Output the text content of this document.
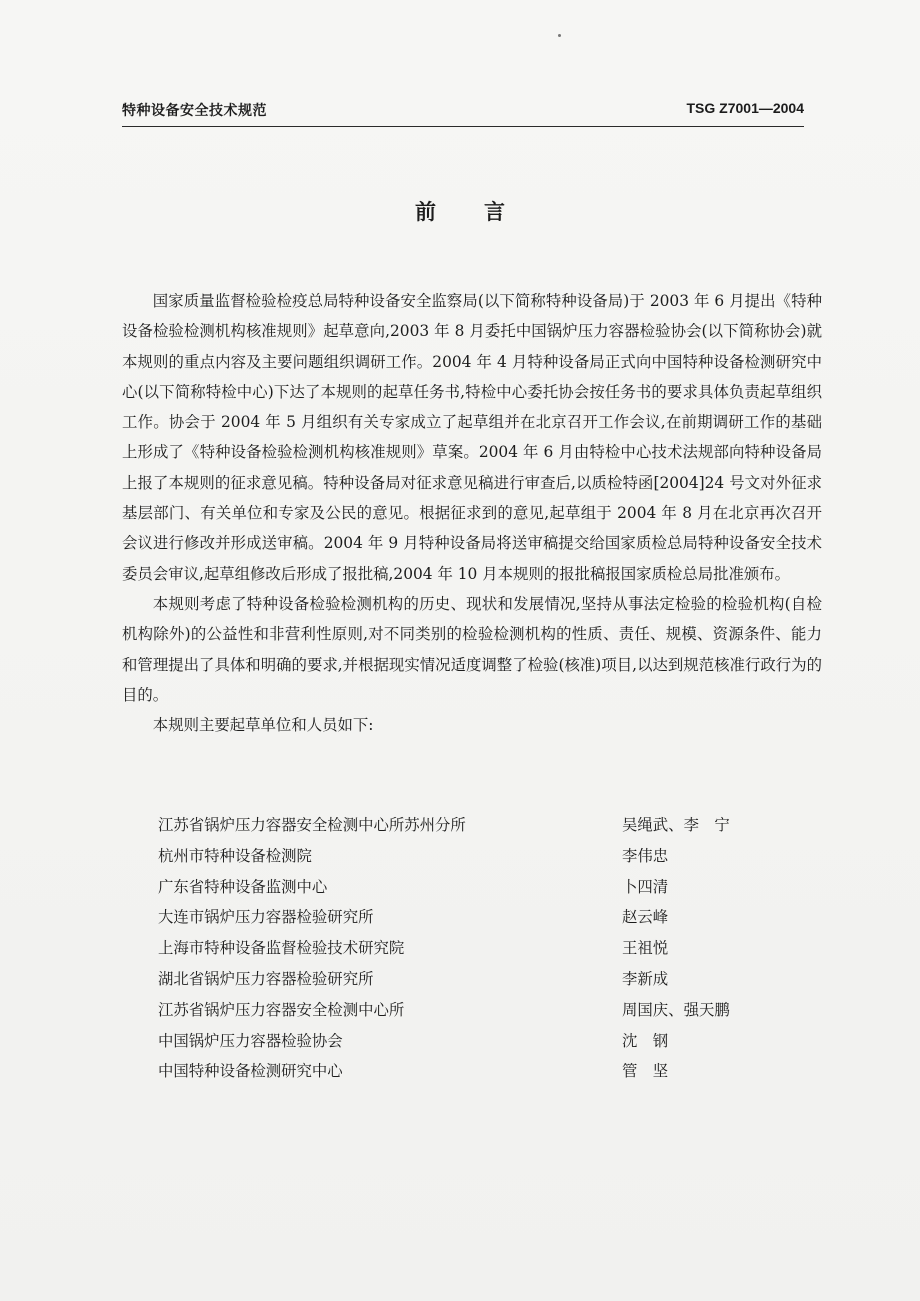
特种设备安全技术规范	TSG Z7001—2004
前言

国家质量监督检验检疫总局特种设备安全监察局(以下简称特种设备局)于 2003 年 6 月提出《特种设备检验检测机构核准规则》起草意向,2003 年 8 月委托中国锅炉压力容器检验协会(以下简称协会)就本规则的重点内容及主要问题组织调研工作。2004 年 4 月特种设备局正式向中国特种设备检测研究中心(以下简称特检中心)下达了本规则的起草任务书,特检中心委托协会按任务书的要求具体负责起草组织工作。协会于 2004 年 5 月组织有关专家成立了起草组并在北京召开工作会议,在前期调研工作的基础上形成了《特种设备检验检测机构核准规则》草案。2004 年 6 月由特检中心技术法规部向特种设备局上报了本规则的征求意见稿。特种设备局对征求意见稿进行审查后,以质检特函[2004]24 号文对外征求基层部门、有关单位和专家及公民的意见。根据征求到的意见,起草组于 2004 年 8 月在北京再次召开会议进行修改并形成送审稿。2004 年 9 月特种设备局将送审稿提交给国家质检总局特种设备安全技术委员会审议,起草组修改后形成了报批稿,2004 年 10 月本规则的报批稿报国家质检总局批准颁布。

本规则考虑了特种设备检验检测机构的历史、现状和发展情况,坚持从事法定检验的检验机构(自检机构除外)的公益性和非营利性原则,对不同类别的检验检测机构的性质、责任、规模、资源条件、能力和管理提出了具体和明确的要求,并根据现实情况适度调整了检验(核准)项目,以达到规范核准行政行为的目的。

本规则主要起草单位和人员如下:

江苏省锅炉压力容器安全检测中心所苏州分所	吴绳武、李　宁
杭州市特种设备检测院	李伟忠
广东省特种设备监测中心	卜四清
大连市锅炉压力容器检验研究所	赵云峰
上海市特种设备监督检验技术研究院	王祖悦
湖北省锅炉压力容器检验研究所	李新成
江苏省锅炉压力容器安全检测中心所	周国庆、强天鹏
中国锅炉压力容器检验协会	沈　钢
中国特种设备检测研究中心	管　坚
